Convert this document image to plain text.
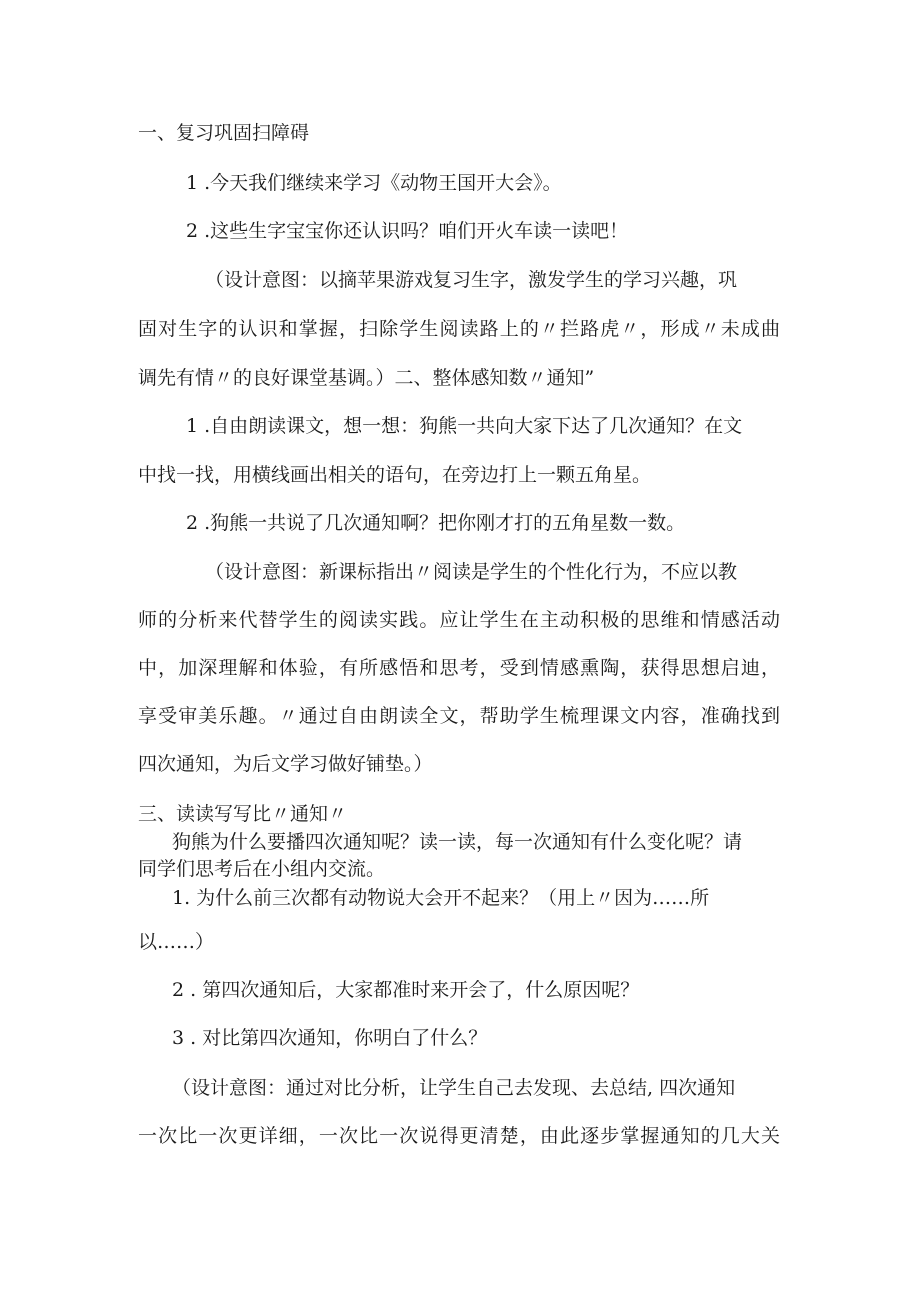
一、复习巩固扫障碍
1 .今天我们继续来学习《动物王国开大会》。
2 .这些生字宝宝你还认识吗？咱们开火车读一读吧！
（设计意图：以摘苹果游戏复习生字，激发学生的学习兴趣，巩
固对生字的认识和掌握，扫除学生阅读路上的〃拦路虎〃，形成〃未成曲
调先有情〃的良好课堂基调。）二、整体感知数〃通知”
1 .自由朗读课文，想一想：狗熊一共向大家下达了几次通知？在文
中找一找，用横线画出相关的语句，在旁边打上一颗五角星。
2 .狗熊一共说了几次通知啊？把你刚才打的五角星数一数。
（设计意图：新课标指出〃阅读是学生的个性化行为，不应以教
师的分析来代替学生的阅读实践。应让学生在主动积极的思维和情感活动
中，加深理解和体验，有所感悟和思考，受到情感熏陶，获得思想启迪，
享受审美乐趣。〃通过自由朗读全文，帮助学生梳理课文内容，准确找到
四次通知，为后文学习做好铺垫。）
三、读读写写比〃通知〃
狗熊为什么要播四次通知呢？读一读，每一次通知有什么变化呢？请
同学们思考后在小组内交流。
1. 为什么前三次都有动物说大会开不起来？（用上〃因为……所
以……）
2 . 第四次通知后，大家都准时来开会了，什么原因呢？
3 . 对比第四次通知，你明白了什么？
（设计意图：通过对比分析，让学生自己去发现、去总结, 四次通知
一次比一次更详细，一次比一次说得更清楚，由此逐步掌握通知的几大关
